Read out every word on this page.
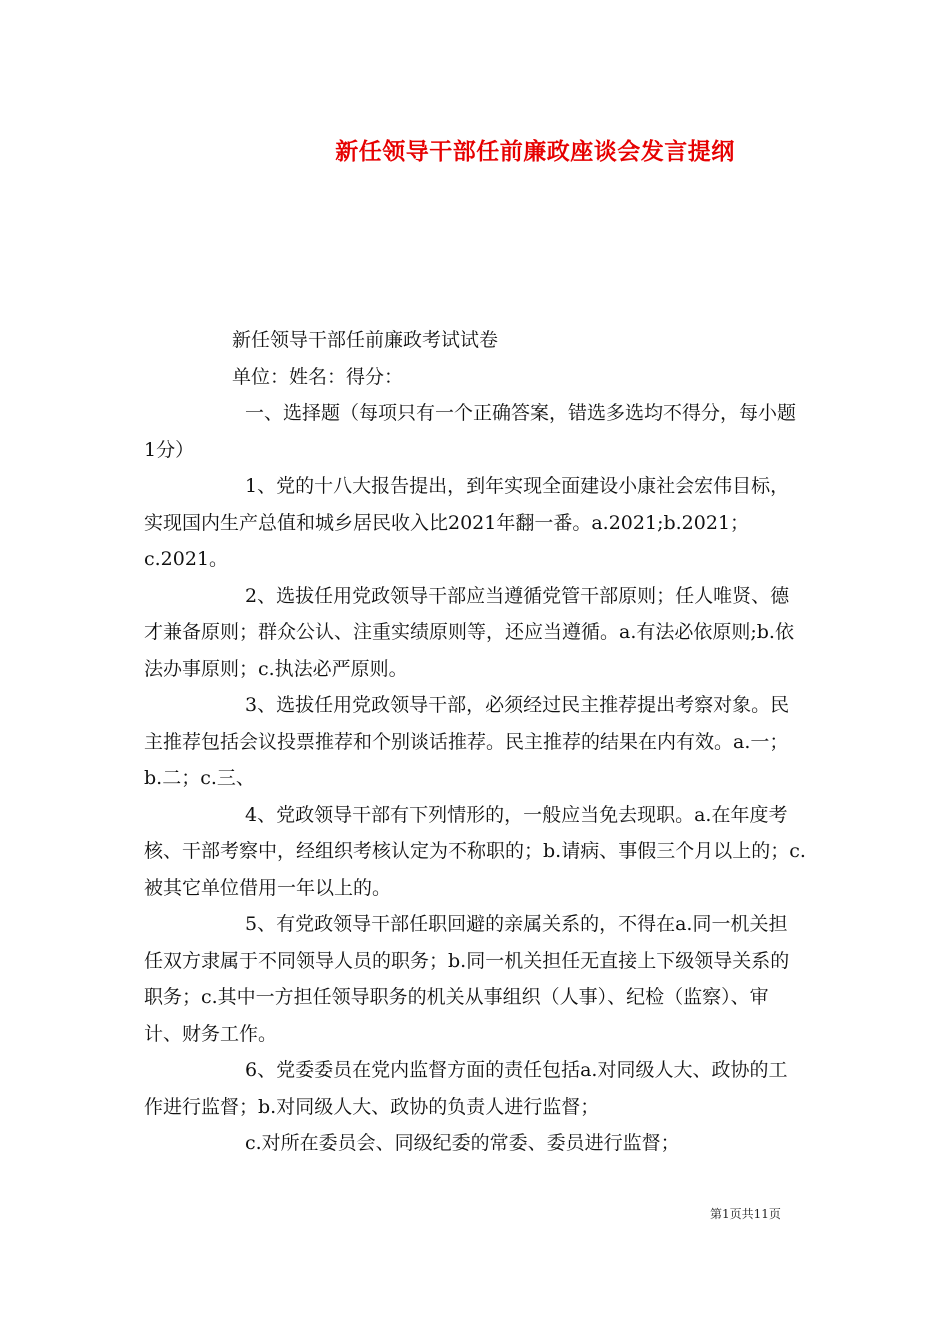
新任领导干部任前廉政座谈会发言提纲

新任领导干部任前廉政考试试卷

单位：姓名：得分：

一、选择题（每项只有一个正确答案，错选多选均不得分，每小题1分）

1、党的十八大报告提出，到年实现全面建设小康社会宏伟目标，实现国内生产总值和城乡居民收入比2021年翻一番。a.2021;b.2021；c.2021。

2、选拔任用党政领导干部应当遵循党管干部原则；任人唯贤、德才兼备原则；群众公认、注重实绩原则等，还应当遵循。a.有法必依原则;b.依法办事原则；c.执法必严原则。

3、选拔任用党政领导干部，必须经过民主推荐提出考察对象。民主推荐包括会议投票推荐和个别谈话推荐。民主推荐的结果在内有效。a.一；b.二；c.三、

4、党政领导干部有下列情形的，一般应当免去现职。a.在年度考核、干部考察中，经组织考核认定为不称职的；b.请病、事假三个月以上的；c.被其它单位借用一年以上的。

5、有党政领导干部任职回避的亲属关系的，不得在a.同一机关担任双方隶属于不同领导人员的职务；b.同一机关担任无直接上下级领导关系的职务；c.其中一方担任领导职务的机关从事组织（人事）、纪检（监察）、审计、财务工作。

6、党委委员在党内监督方面的责任包括a.对同级人大、政协的工作进行监督；b.对同级人大、政协的负责人进行监督；

c.对所在委员会、同级纪委的常委、委员进行监督；

第1页共11页
